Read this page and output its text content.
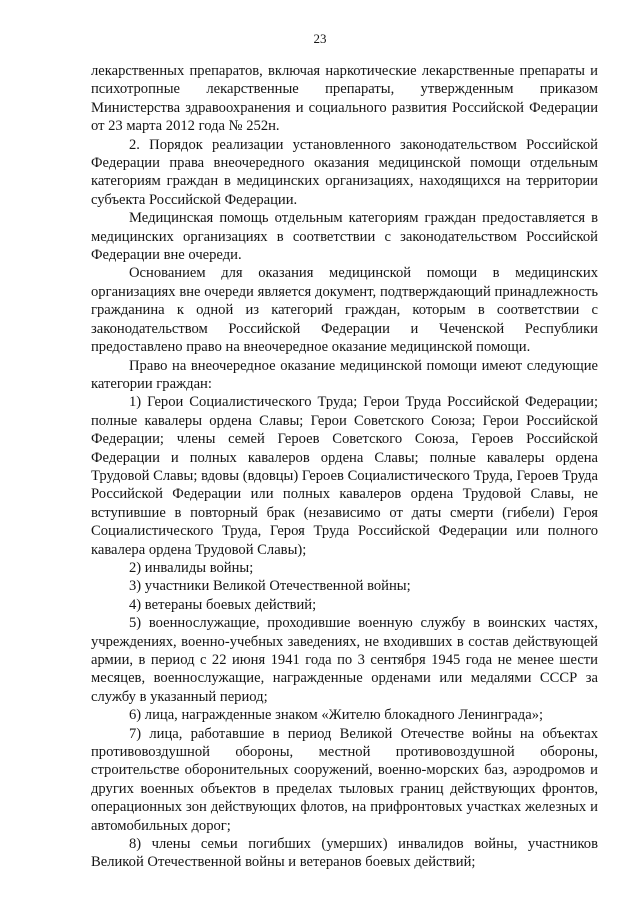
23

лекарственных препаратов, включая наркотические лекарственные препараты и психотропные лекарственные препараты, утвержденным приказом Министерства здравоохранения и социального развития Российской Федерации от 23 марта 2012 года № 252н.

2. Порядок реализации установленного законодательством Российской Федерации права внеочередного оказания медицинской помощи отдельным категориям граждан в медицинских организациях, находящихся на территории субъекта Российской Федерации.

Медицинская помощь отдельным категориям граждан предоставляется в медицинских организациях в соответствии с законодательством Российской Федерации вне очереди.

Основанием для оказания медицинской помощи в медицинских организациях вне очереди является документ, подтверждающий принадлежность гражданина к одной из категорий граждан, которым в соответствии с законодательством Российской Федерации и Чеченской Республики предоставлено право на внеочередное оказание медицинской помощи.

Право на внеочередное оказание медицинской помощи имеют следующие категории граждан:

1) Герои Социалистического Труда; Герои Труда Российской Федерации; полные кавалеры ордена Славы; Герои Советского Союза; Герои Российской Федерации; члены семей Героев Советского Союза, Героев Российской Федерации и полных кавалеров ордена Славы; полные кавалеры ордена Трудовой Славы; вдовы (вдовцы) Героев Социалистического Труда, Героев Труда Российской Федерации или полных кавалеров ордена Трудовой Славы, не вступившие в повторный брак (независимо от даты смерти (гибели) Героя Социалистического Труда, Героя Труда Российской Федерации или полного кавалера ордена Трудовой Славы);

2) инвалиды войны;

3) участники Великой Отечественной войны;

4) ветераны боевых действий;

5) военнослужащие, проходившие военную службу в воинских частях, учреждениях, военно-учебных заведениях, не входивших в состав действующей армии, в период с 22 июня 1941 года по 3 сентября 1945 года не менее шести месяцев, военнослужащие, награжденные орденами или медалями СССР за службу в указанный период;

6) лица, награжденные знаком «Жителю блокадного Ленинграда»;

7) лица, работавшие в период Великой Отечестве войны на объектах противовоздушной обороны, местной противовоздушной обороны, строительстве оборонительных сооружений, военно-морских баз, аэродромов и других военных объектов в пределах тыловых границ действующих фронтов, операционных зон действующих флотов, на прифронтовых участках железных и автомобильных дорог;

8) члены семьи погибших (умерших) инвалидов войны, участников Великой Отечественной войны и ветеранов боевых действий;
